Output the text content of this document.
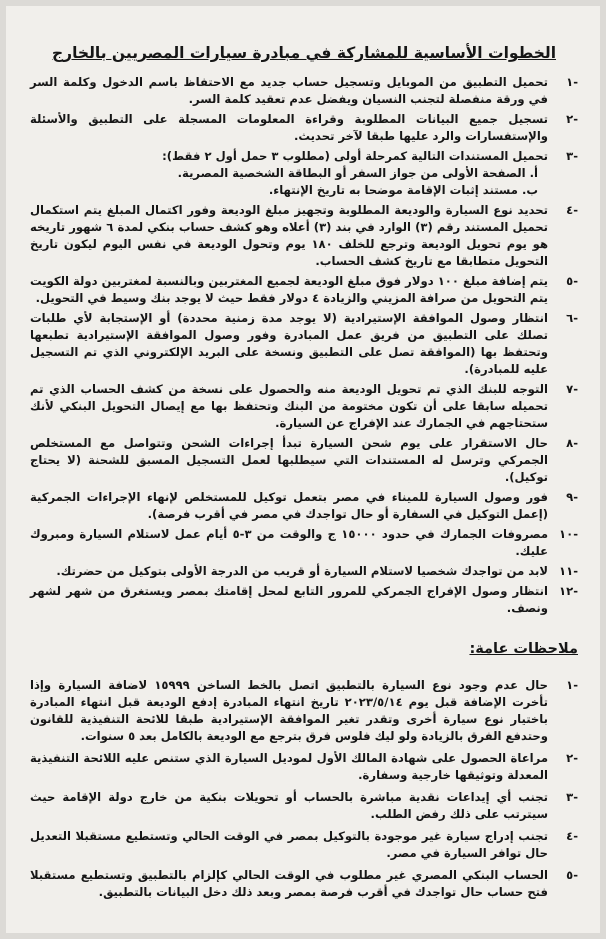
الخطوات الأساسية للمشاركة في مبادرة سيارات المصريين بالخارج
-١
تحميل التطبيق من الموبايل وتسجيل حساب جديد مع الاحتفاظ باسم الدخول وكلمة السر في ورقة منفصلة لتجنب النسيان ويفضل عدم تعقيد كلمة السر.
-٢
تسجيل جميع البيانات المطلوبة وقراءة المعلومات المسجلة على التطبيق والأسئلة والإستفسارات والرد عليها طبقا لآخر تحديث.
-٣
تحميل المستندات التالية كمرحلة أولى (مطلوب ٣ حمل أول ٢ فقط):
أ. الصفحة الأولى من جواز السفر أو البطاقة الشخصية المصرية.
ب. مستند إثبات الإقامة موضحا به تاريخ الإنتهاء.
-٤
تحديد نوع السيارة والوديعة المطلوبة وتجهيز مبلغ الوديعة وفور اكتمال المبلغ يتم استكمال تحميل المستند رقم (٣) الوارد في بند (٣) أعلاه وهو كشف حساب بنكي لمدة ٦ شهور تاريخه هو يوم تحويل الوديعة وترجع للخلف ١٨٠ يوم وتحول الوديعة في نفس اليوم ليكون تاريخ التحويل متطابقا مع تاريخ كشف الحساب.
-٥
يتم إضافة مبلغ ١٠٠ دولار فوق مبلغ الوديعة لجميع المغتربين وبالنسبة لمغتربين دولة الكويت يتم التحويل من صرافة المزيني والزيادة ٤ دولار فقط حيث لا يوجد بنك وسيط في التحويل.
-٦
انتظار وصول الموافقة الإستيرادية (لا يوجد مدة زمنية محددة) أو الإستجابة لأي طلبات تصلك على التطبيق من فريق عمل المبادرة وفور وصول الموافقة الإستيرادية تطبعها وتحتفظ بها (الموافقة تصل على التطبيق ونسخة على البريد الإلكتروني الذي تم التسجيل عليه للمبادرة).
-٧
التوجه للبنك الذي تم تحويل الوديعة منه والحصول على نسخة من كشف الحساب الذي تم تحميله سابقا على أن تكون مختومة من البنك وتحتفظ بها مع إيصال التحويل البنكي لأنك ستحتاجهم في الجمارك عند الإفراج عن السيارة.
-٨
حال الاستقرار على يوم شحن السيارة تبدأ إجراءات الشحن وتتواصل مع المستخلص الجمركي وترسل له المستندات التي سيطلبها لعمل التسجيل المسبق للشحنة (لا يحتاج توكيل).
-٩
فور وصول السيارة للميناء في مصر بتعمل توكيل للمستخلص لإنهاء الإجراءات الجمركية (إعمل التوكيل في السفارة أو حال تواجدك في مصر في أقرب فرصة).
-١٠
مصروفات الجمارك في حدود ١٥٠٠٠ ج والوقت من ٣-٥ أيام عمل لاستلام السيارة ومبروك عليك.
-١١
لابد من تواجدك شخصيا لاستلام السيارة أو قريب من الدرجة الأولى بتوكيل من حضرتك.
-١٢
انتظار وصول الإفراج الجمركي للمرور التابع لمحل إقامتك بمصر ويستغرق من شهر لشهر ونصف.
ملاحظات عامة:
-١
حال عدم وجود نوع السيارة بالتطبيق اتصل بالخط الساخن ١٥٩٩٩ لاضافة السيارة وإذا تأخرت الإضافة قبل يوم ٢٠٢٣/٥/١٤ تاريخ انتهاء المبادرة إدفع الوديعة قبل انتهاء المبادرة باختيار نوع سيارة أخرى وتقدر تغير الموافقة الإستيرادية طبقا للائحة التنفيذية للقانون وحتدفع الفرق بالزيادة ولو ليك فلوس فرق بترجع مع الوديعة بالكامل بعد ٥ سنوات.
-٢
مراعاة الحصول على شهادة المالك الأول لموديل السيارة الذي ستنص عليه اللائحة التنفيذية المعدلة وتوثيقها خارجية وسفارة.
-٣
تجنب أي إيداعات نقدية مباشرة بالحساب أو تحويلات بنكية من خارج دولة الإقامة حيث سيترتب على ذلك رفض الطلب.
-٤
تجنب إدراج سيارة غير موجودة بالتوكيل بمصر في الوقت الحالي وتستطيع مستقبلا التعديل حال توافر السيارة في مصر.
-٥
الحساب البنكي المصري غير مطلوب في الوقت الحالي كإلزام بالتطبيق وتستطيع مستقبلا فتح حساب حال تواجدك في أقرب فرصة بمصر وبعد ذلك دخل البيانات بالتطبيق.
